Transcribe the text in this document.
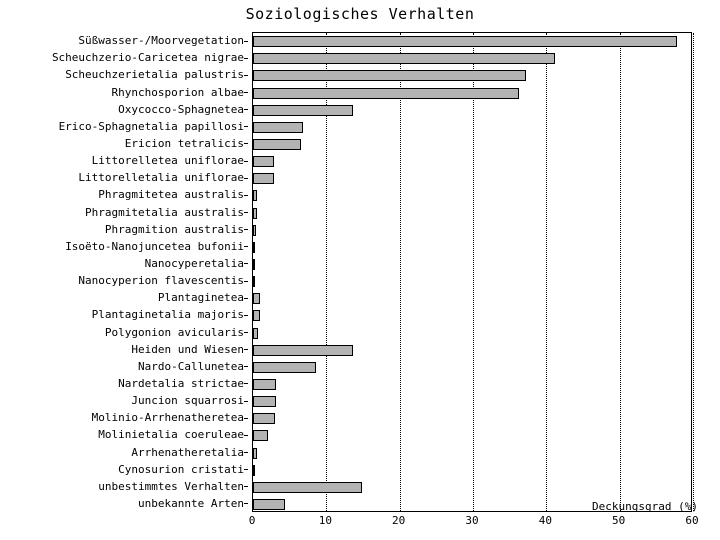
Soziologisches Verhalten
Süßwasser-/Moorvegetation
Scheuchzerio-Caricetea nigrae
Scheuchzerietalia palustris
Rhynchosporion albae
Oxycocco-Sphagnetea
Erico-Sphagnetalia papillosi
Ericion tetralicis
Littorelletea uniflorae
Littorelletalia uniflorae
Phragmitetea australis
Phragmitetalia australis
Phragmition australis
Isoëto-Nanojuncetea bufonii
Nanocyperetalia
Nanocyperion flavescentis
Plantaginetea
Plantaginetalia majoris
Polygonion avicularis
Heiden und Wiesen
Nardo-Callunetea
Nardetalia strictae
Juncion squarrosi
Molinio-Arrhenatheretea
Molinietalia coeruleae
Arrhenatheretalia
Cynosurion cristati
unbestimmtes Verhalten
unbekannte Arten
0	10	20	30	40	50	60
Deckungsgrad (%)
